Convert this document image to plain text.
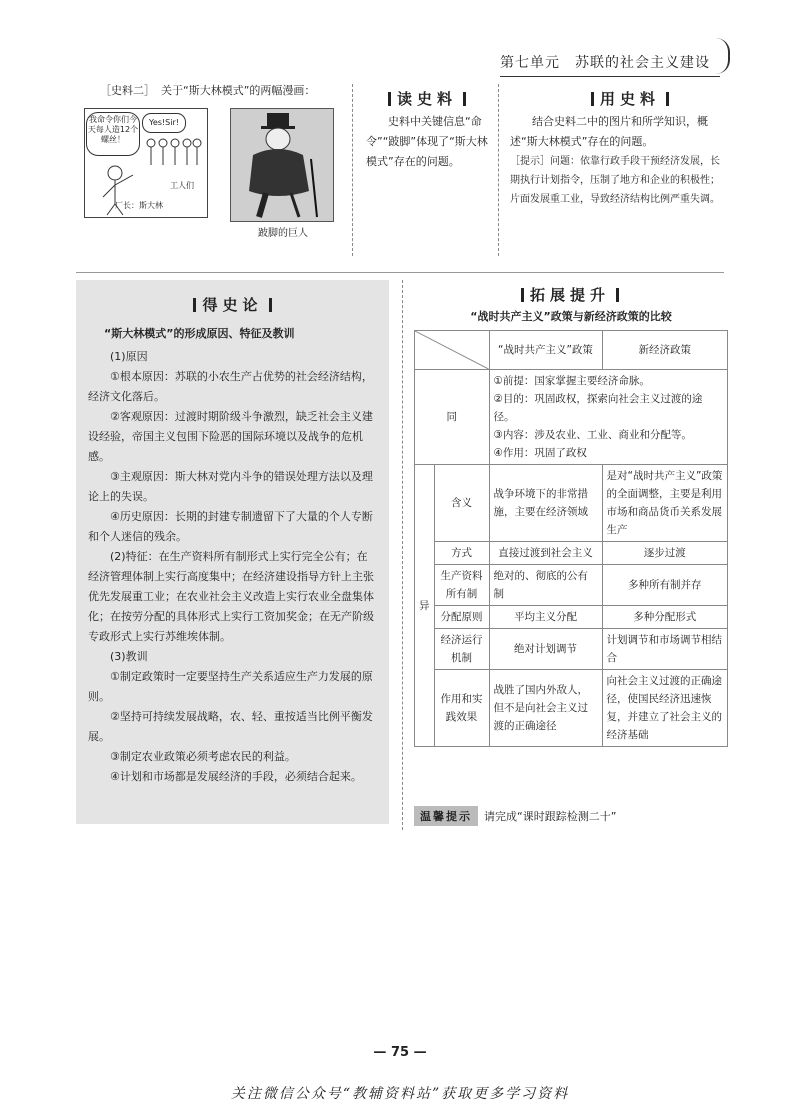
第七单元　苏联的社会主义建设
［史料二］ 关于“斯大林模式”的两幅漫画：
我命令你们今天每人造12个螺丝！
Yes!Sir!
工人们
厂长：斯大林
跛脚的巨人
读史料
史料中关键信息“命令”“跛脚”体现了“斯大林模式”存在的问题。
用史料
结合史料二中的图片和所学知识，概述“斯大林模式”存在的问题。
［提示］问题：依靠行政手段干预经济发展，长期执行计划指令，压制了地方和企业的积极性；片面发展重工业，导致经济结构比例严重失调。
得史论
“斯大林模式”的形成原因、特征及教训

(1)原因

①根本原因：苏联的小农生产占优势的社会经济结构，经济文化落后。

②客观原因：过渡时期阶级斗争激烈，缺乏社会主义建设经验，帝国主义包围下险恶的国际环境以及战争的危机感。

③主观原因：斯大林对党内斗争的错误处理方法以及理论上的失误。

④历史原因：长期的封建专制遗留下了大量的个人专断和个人迷信的残余。

(2)特征：在生产资料所有制形式上实行完全公有；在经济管理体制上实行高度集中；在经济建设指导方针上主张优先发展重工业；在农业社会主义改造上实行农业全盘集体化；在按劳分配的具体形式上实行工资加奖金；在无产阶级专政形式上实行苏维埃体制。

(3)教训

①制定政策时一定要坚持生产关系适应生产力发展的原则。

②坚持可持续发展战略，农、轻、重按适当比例平衡发展。

③制定农业政策必须考虑农民的利益。

④计划和市场都是发展经济的手段，必须结合起来。

拓展提升
“战时共产主义”政策与新经济政策的比较
	“战时共产主义”政策	新经济政策
同		①前提：国家掌握主要经济命脉。
②目的：巩固政权，探索向社会主义过渡的途径。
③内容：涉及农业、工业、商业和分配等。
④作用：巩固了政权	

异	含义	战争环境下的非常措施，主要在经济领域	是对“战时共产主义”政策的全面调整，主要是利用市场和商品货币关系发展生产
	方式	直接过渡到社会主义	逐步过渡
	生产资料所有制	绝对的、彻底的公有制	多种所有制并存
	分配原则	平均主义分配	多种分配形式
	经济运行机制	绝对计划调节	计划调节和市场调节相结合
	作用和实践效果	战胜了国内外敌人，但不是向社会主义过渡的正确途径	向社会主义过渡的正确途径，使国民经济迅速恢复，并建立了社会主义的经济基础
温馨提示	请完成“课时跟踪检测二十”
— 75 —
关注微信公众号“教辅资料站”获取更多学习资料
